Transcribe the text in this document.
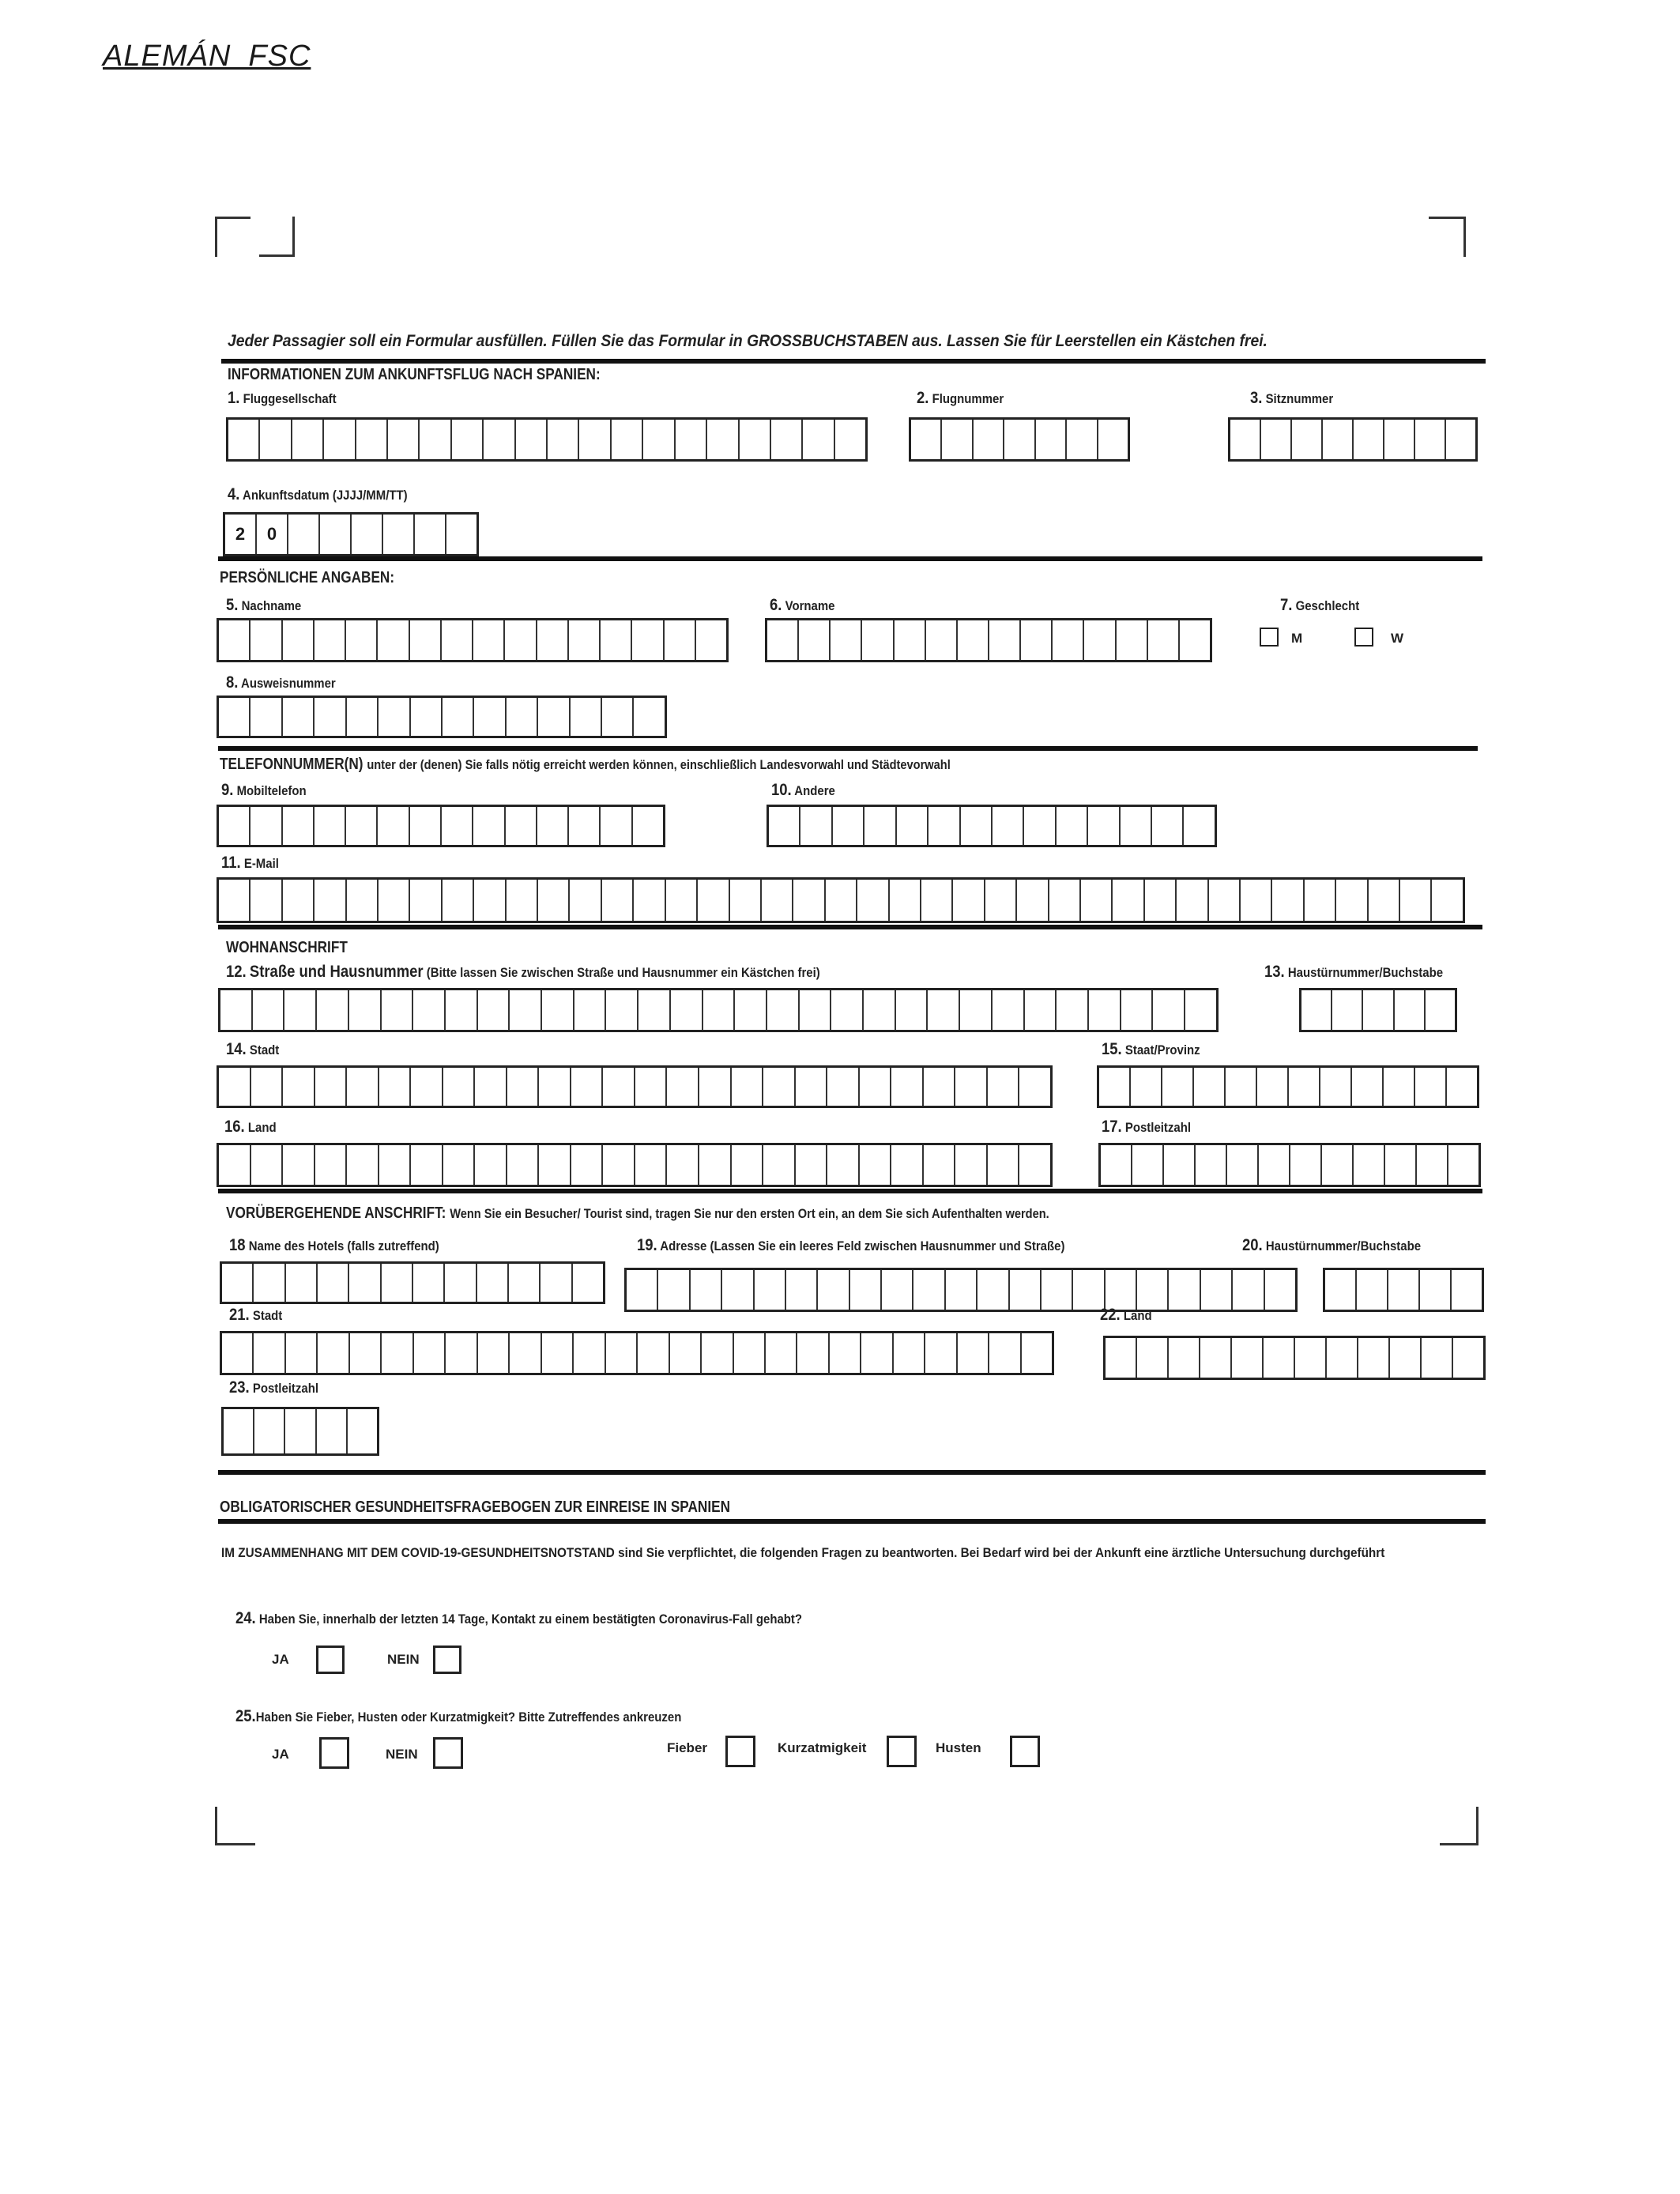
ALEMÁN_FSC
Jeder Passagier soll ein Formular ausfüllen. Füllen Sie das Formular in GROSSBUCHSTABEN aus. Lassen Sie für Leerstellen ein Kästchen frei.
INFORMATIONEN ZUM ANKUNFTSFLUG NACH SPANIEN:
1. Fluggesellschaft	2. Flugnummer	3. Sitznummer
4. Ankunftsdatum (JJJJ/MM/TT)
2	0
PERSÖNLICHE ANGABEN:
5. Nachname	6. Vorname	7. Geschlecht
M	W
8. Ausweisnummer
TELEFONNUMMER(N) unter der (denen) Sie falls nötig erreicht werden können, einschließlich Landesvorwahl und Städtevorwahl
9. Mobiltelefon	10. Andere
11. E-Mail
WOHNANSCHRIFT
12. Straße und Hausnummer (Bitte lassen Sie zwischen Straße und Hausnummer ein Kästchen frei)	13. Haustürnummer/Buchstabe
14. Stadt	15. Staat/Provinz
16. Land	17. Postleitzahl
VORÜBERGEHENDE ANSCHRIFT: Wenn Sie ein Besucher/ Tourist sind, tragen Sie nur den ersten Ort ein, an dem Sie sich Aufenthalten werden.
18 Name des Hotels (falls zutreffend)	19. Adresse (Lassen Sie ein leeres Feld zwischen Hausnummer und Straße)	20. Haustürnummer/Buchstabe
21. Stadt	22. Land
23. Postleitzahl
OBLIGATORISCHER GESUNDHEITSFRAGEBOGEN ZUR EINREISE IN SPANIEN
IM ZUSAMMENHANG MIT DEM COVID-19-GESUNDHEITSNOTSTAND sind Sie verpflichtet, die folgenden Fragen zu beantworten. Bei Bedarf wird bei der Ankunft eine ärztliche Untersuchung durchgeführt
24. Haben Sie, innerhalb der letzten 14 Tage, Kontakt zu einem bestätigten Coronavirus-Fall gehabt?
JA	NEIN
25.Haben Sie Fieber, Husten oder Kurzatmigkeit? Bitte Zutreffendes ankreuzen
JA	NEIN	Fieber	Kurzatmigkeit	Husten
